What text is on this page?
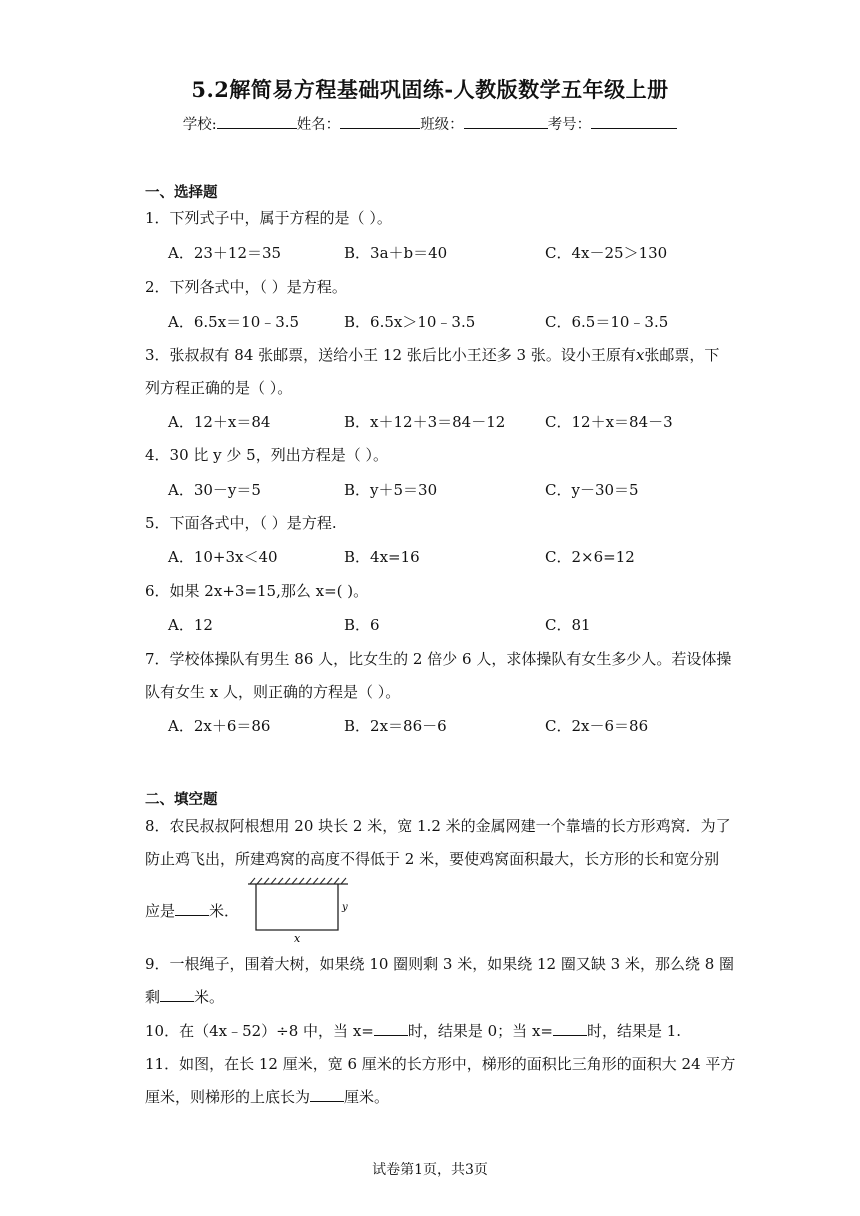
5.2解简易方程基础巩固练-人教版数学五年级上册
学校:	姓名：	班级：	考号：
一、选择题
1．下列式子中，属于方程的是（ ）。
A．23＋12＝35	B．3a＋b＝40	C．4x－25＞130
2．下列各式中，（ ）是方程。
A．6.5x＝10﹣3.5	B．6.5x＞10﹣3.5	C．6.5＝10﹣3.5
3．张叔叔有 84 张邮票，送给小王 12 张后比小王还多 3 张。设小王原有x张邮票，下
列方程正确的是（ ）。
A．12＋x＝84	B．x＋12＋3＝84－12	C．12＋x＝84－3
4．30 比 y 少 5，列出方程是（ ）。
A．30－y＝5	B．y＋5＝30	C．y－30＝5
5．下面各式中，（ ）是方程.
A．10+3x＜40	B．4x=16	C．2×6=12
6．如果 2x+3=15,那么 x=( )。
A．12	B．6	C．81
7．学校体操队有男生 86 人，比女生的 2 倍少 6 人，求体操队有女生多少人。若设体操
队有女生 x 人，则正确的方程是（ ）。
A．2x＋6＝86	B．2x＝86－6	C．2x－6＝86
二、填空题
8．农民叔叔阿根想用 20 块长 2 米，宽 1.2 米的金属网建一个靠墙的长方形鸡窝．为了
防止鸡飞出，所建鸡窝的高度不得低于 2 米，要使鸡窝面积最大，长方形的长和宽分别
应是 米．
x
y
9．一根绳子，围着大树，如果绕 10 圈则剩 3 米，如果绕 12 圈又缺 3 米，那么绕 8 圈
剩 米。
10．在（4x﹣52）÷8 中，当 x= 时，结果是 0；当 x= 时，结果是 1.
11．如图，在长 12 厘米，宽 6 厘米的长方形中，梯形的面积比三角形的面积大 24 平方
厘米，则梯形的上底长为 厘米。
试卷第1页，共3页
